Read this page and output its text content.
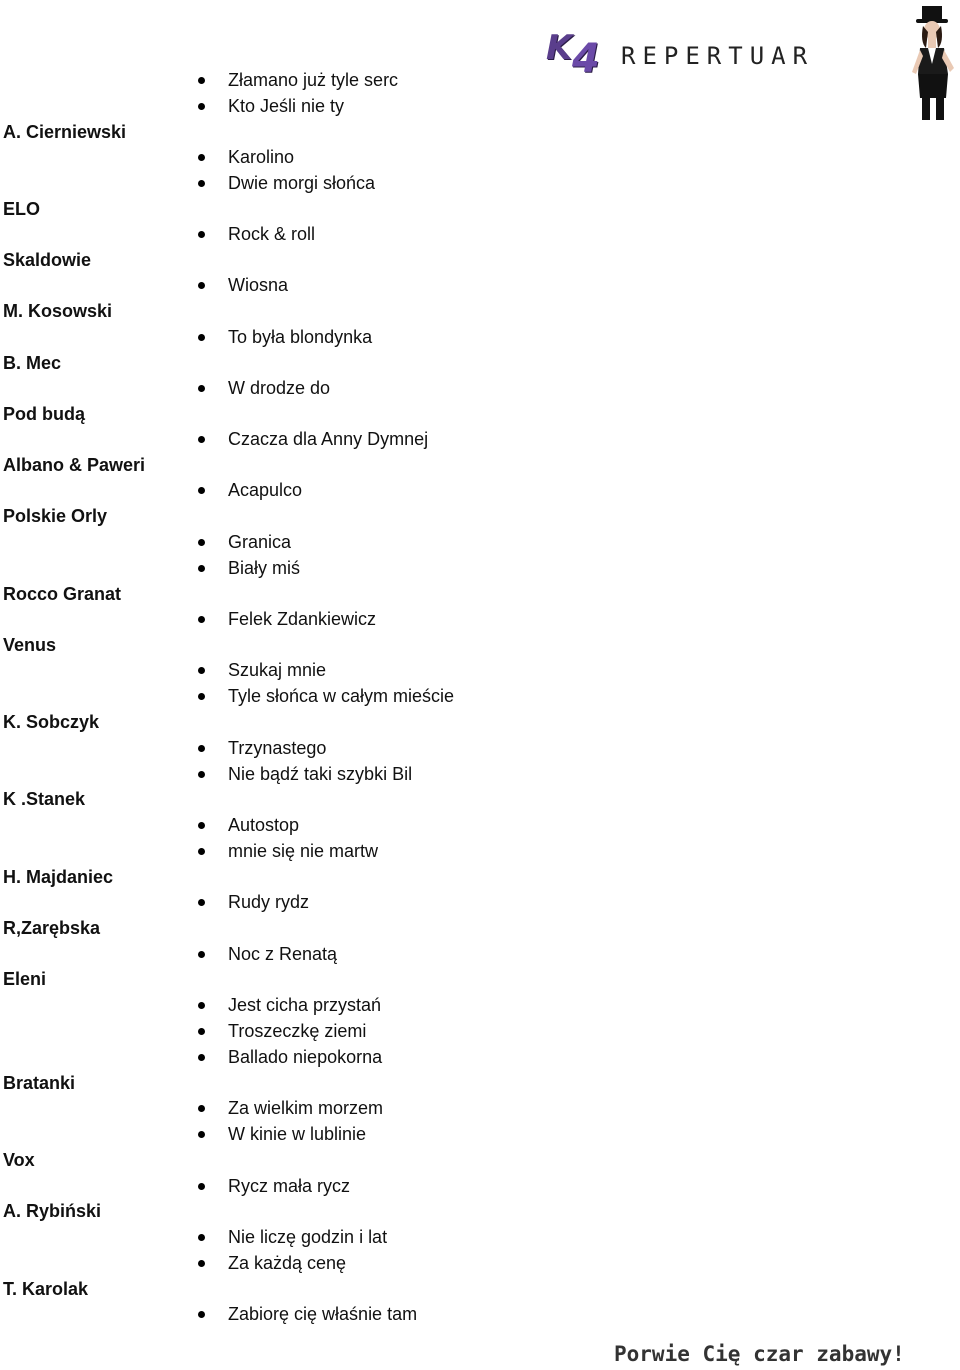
K 4 REPERTUAR
A. Cierniewski
ELO
Skaldowie
M. Kosowski
B. Mec
Pod budą
Albano & Paweri
Polskie Orly
Rocco Granat
Venus
K. Sobczyk
K .Stanek
H. Majdaniec
R,Zarębska
Eleni
Bratanki
Vox
A. Rybiński
T. Karolak
Złamano już tyle serc
Kto Jeśli nie ty
Karolino
Dwie morgi słońca
Rock & roll
Wiosna
To była blondynka
W drodze do
Czacza dla Anny Dymnej
Acapulco
Granica
Biały miś
Felek Zdankiewicz
Szukaj mnie
Tyle słońca w całym mieście
Trzynastego
Nie bądź taki szybki Bil
Autostop
mnie się nie martw
Rudy rydz
Noc z Renatą
Jest cicha przystań
Troszeczkę ziemi
Ballado niepokorna
Za wielkim morzem
W kinie w lublinie
Rycz mała rycz
Nie liczę godzin i lat
Za każdą cenę
Zabiorę cię właśnie tam
Porwie Cię czar zabawy!
